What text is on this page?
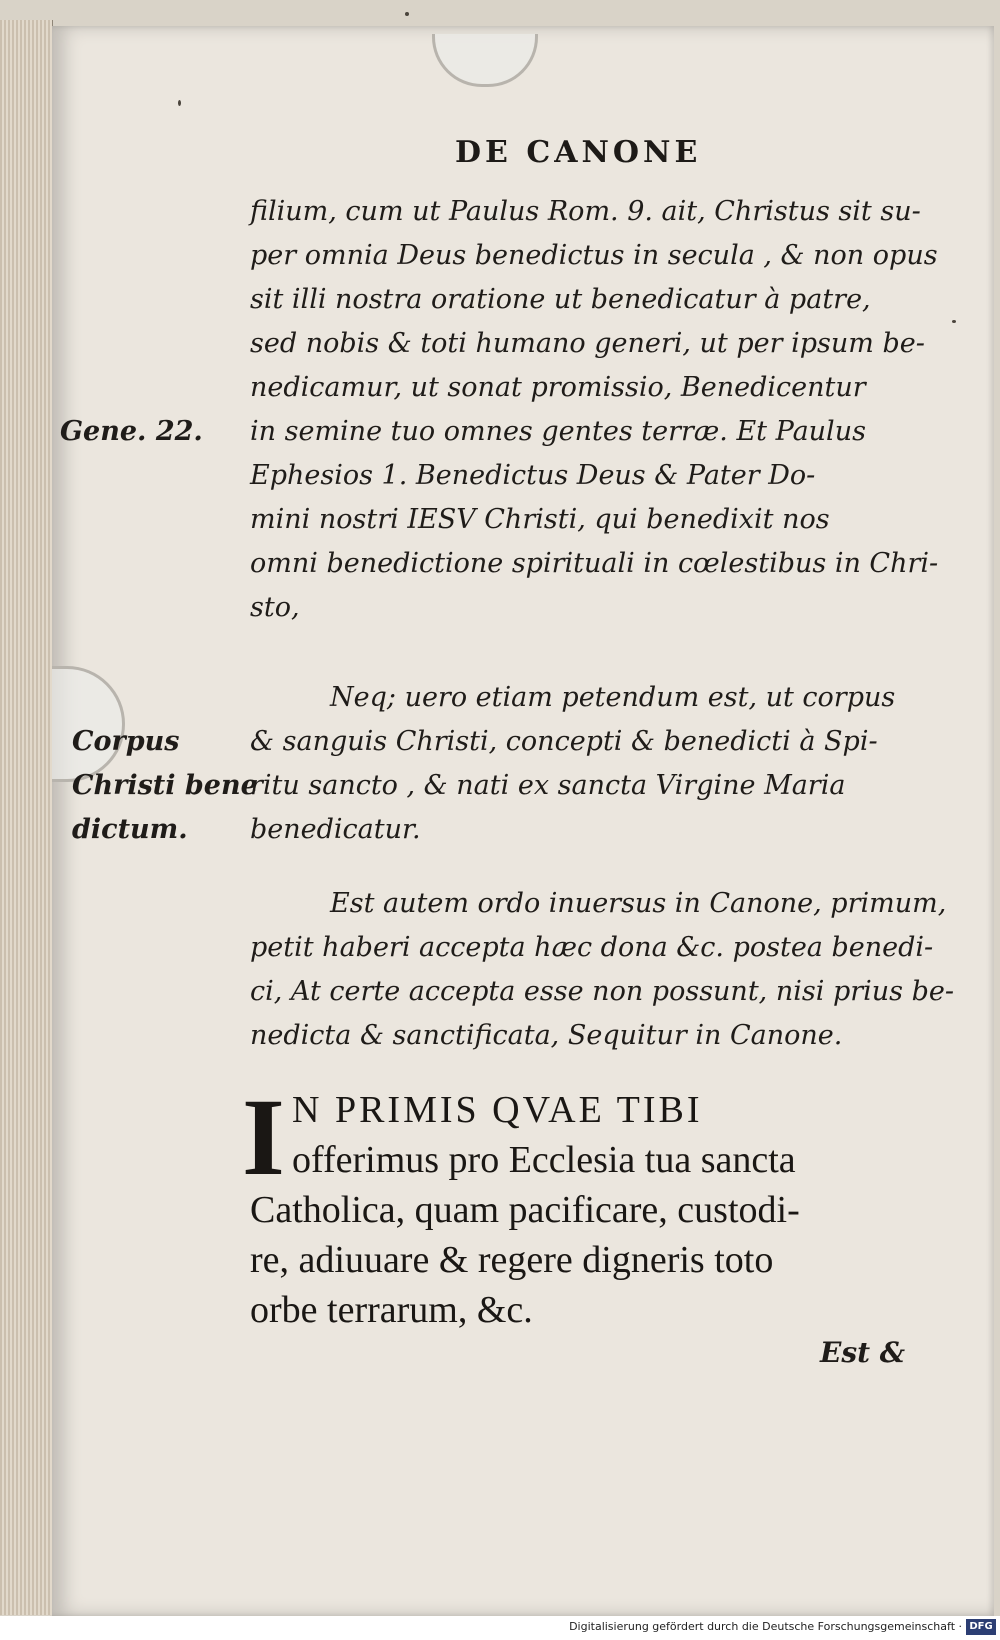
DE CANONE
filium, cum ut Paulus Rom. 9. ait, Christus sit su-
per omnia Deus benedictus in secula , & non opus
sit illi nostra oratione ut benedicatur à patre,
sed nobis & toti humano generi, ut per ipsum be-
nedicamur, ut sonat promissio, Benedicentur
in semine tuo omnes gentes terræ. Et Paulus
Ephesios 1. Benedictus Deus & Pater Do-
mini nostri IESV Christi, qui benedixit nos
omni benedictione spirituali in cœlestibus in Chri-
sto,
Gene. 22.
Neq; uero etiam petendum est, ut corpus
& sanguis Christi, concepti & benedicti à Spi-
ritu sancto , & nati ex sancta Virgine Maria
benedicatur.
Corpus
Christi bene
dictum.
Est autem ordo inuersus in Canone, primum,
petit haberi accepta hæc dona &c. postea benedi-
ci, At certe accepta esse non possunt, nisi prius be-
nedicta & sanctificata, Sequitur in Canone.
I N PRIMIS QVAE TIBI
offerimus pro Ecclesia tua sancta
Catholica, quam pacificare, custodi-
re, adiuuare & regere digneris toto
orbe terrarum, &c.
Est &
Digitalisierung gefördert durch die Deutsche Forschungsgemeinschaft · DFG
